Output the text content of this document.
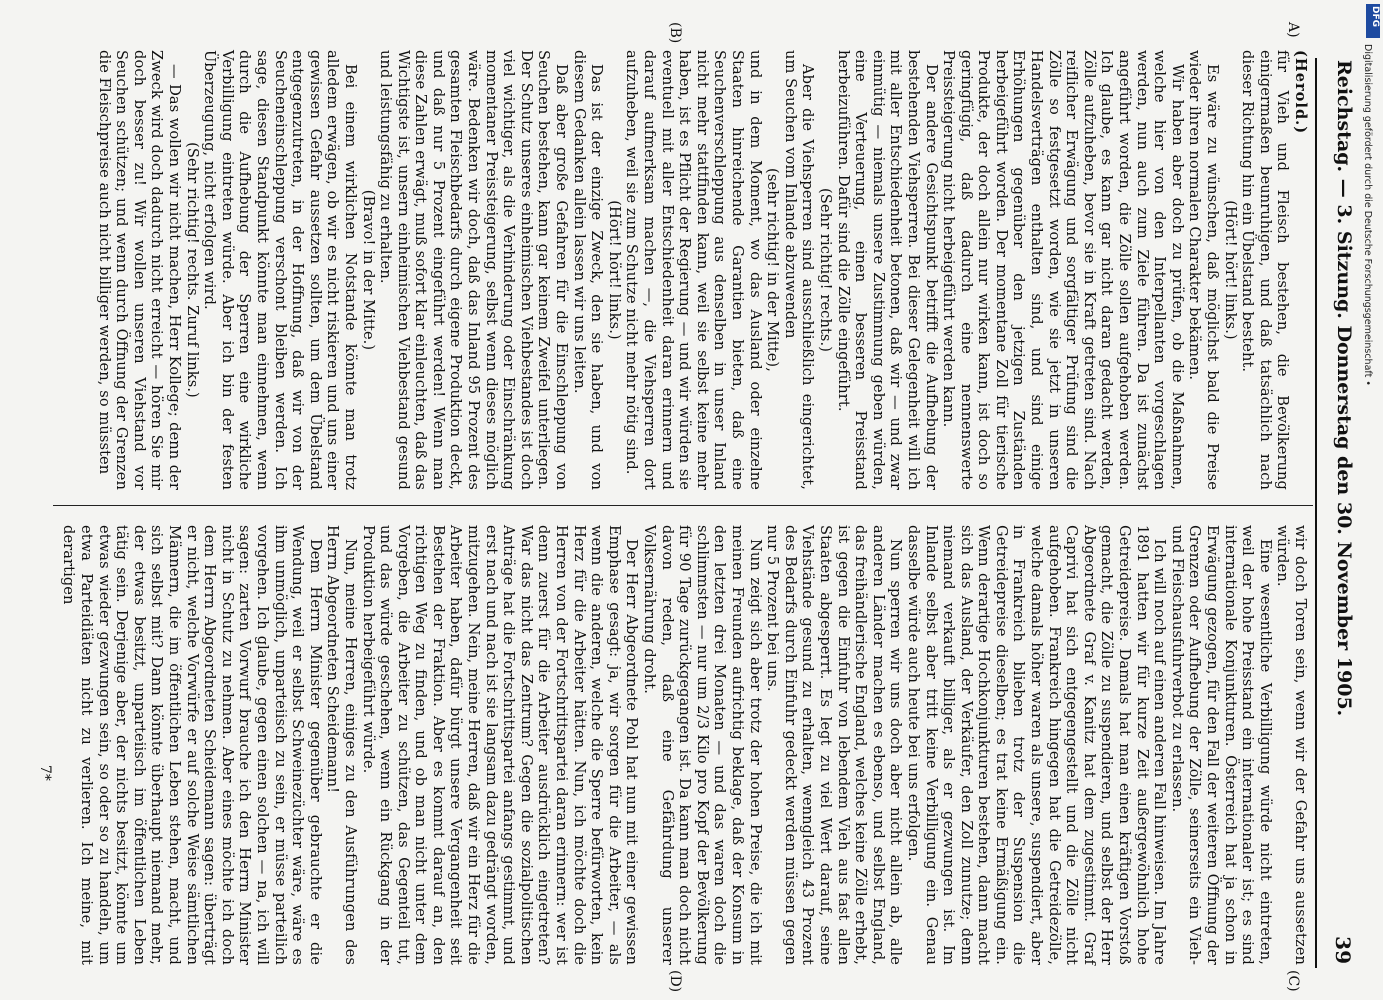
Reichstag. — 3. Sitzung. Donnerstag den 30. November 1905.
39
A)
(B)
(C)
(D)

(Herold.)

für Vieh und Fleisch bestehen, die Bevölkerung einigermaßen beunruhigen, und daß tatsächlich nach dieser Richtung hin ein Übelstand besteht.

(Hört! hört! links.)

Es wäre zu wünschen, daß möglichst bald die Preise wieder ihren normalen Charakter bekämen.

Wir haben aber doch zu prüfen, ob die Maßnahmen, welche hier von den Interpellanten vorgeschlagen werden, nun auch zum Ziele führen. Da ist zunächst angeführt worden, die Zölle sollen aufgehoben werden. Ich glaube, es kann gar nicht daran gedacht werden, Zölle aufzuheben, bevor sie in Kraft getreten sind. Nach reiflicher Erwägung und sorgfältiger Prüfung sind die Zölle so festgesetzt worden, wie sie jetzt in unseren Handelsverträgen enthalten sind, und sind einige Erhöhungen gegenüber den jetzigen Zuständen herbeigeführt worden. Der momentane Zoll für tierische Produkte, der doch allein nur wirken kann, ist doch so geringfügig, daß dadurch eine nennenswerte Preissteigerung nicht herbeigeführt werden kann.

Der andere Gesichtspunkt betrifft die Aufhebung der bestehenden Viehsperren. Bei dieser Gelegenheit will ich mit aller Entschiedenheit betonen, daß wir — und zwar einmütig — niemals unsere Zustimmung geben würden, eine Verteuerung, einen besseren Preisstand herbeizuführen. Dafür sind die Zölle eingeführt.

(Sehr richtig! rechts.)

Aber die Viehsperren sind ausschließlich eingerichtet, um Seuchen vom Inlande abzuwenden

(sehr richtig! in der Mitte),

und in dem Moment, wo das Ausland oder einzelne Staaten hinreichende Garantien bieten, daß eine Seuchenverschleppung aus denselben in unser Inland nicht mehr stattfinden kann, weil sie selbst keine mehr haben, ist es Pflicht der Regierung — und wir würden sie eventuell mit aller Entschiedenheit daran erinnern und darauf aufmerksam machen —, die Viehsperren dort aufzuheben, weil sie zum Schutze nicht mehr nötig sind.

(Hört! hört! links.)

Das ist der einzige Zweck, den sie haben, und von diesem Gedanken allein lassen wir uns leiten.

Daß aber große Gefahren für die Einschleppung von Seuchen bestehen, kann gar keinem Zweifel unterliegen. Der Schutz unseres einheimischen Viehbestandes ist doch viel wichtiger, als die Verhinderung oder Einschränkung momentaner Preissteigerung, selbst wenn dieses möglich wäre. Bedenken wir doch, daß das Inland 95 Prozent des gesamten Fleischbedarfs durch eigene Produktion deckt, und daß nur 5 Prozent eingeführt werden! Wenn man diese Zahlen erwägt, muß sofort klar einleuchten, daß das Wichtigste ist, unsern einheimischen Viehbestand gesund und leistungsfähig zu erhalten.

(Bravo! in der Mitte.)

Bei einem wirklichen Notstande könnte man trotz alledem erwägen, ob wir es nicht riskieren und uns einer gewissen Gefahr aussetzen sollten, um dem Übelstand entgegenzutreten, in der Hoffnung, daß wir von der Seucheneinschleppung verschont bleiben werden. Ich sage, diesen Standpunkt könnte man einnehmen, wenn durch die Aufhebung der Sperren eine wirkliche Verbilligung eintreten würde. Aber ich bin der festen Überzeugung, nicht erfolgen wird.

(Sehr richtig! rechts. Zuruf links.)

— Das wollen wir nicht machen, Herr Kollege; denn der Zweck wird doch dadurch nicht erreicht — hören Sie mir doch besser zu! Wir wollen unseren Viehstand vor Seuchen schützen; und wenn durch Öffnung der Grenzen die Fleischpreise auch nicht billiger werden, so müssten

wir doch Toren sein, wenn wir der Gefahr uns aussetzen würden.

Eine wesentliche Verbilligung würde nicht eintreten, weil der hohe Preisstand ein internationaler ist; es sind internationale Konjunkturen. Österreich hat ja schon in Erwägung gezogen, für den Fall der weiteren Öffnung der Grenzen oder Aufhebung der Zölle, seinerseits ein Vieh- und Fleischausfuhrverbot zu erlassen.

Ich will noch auf einen anderen Fall hinweisen. Im Jahre 1891 hatten wir für kurze Zeit außergewöhnlich hohe Getreidepreise. Damals hat man einen kräftigen Vorstoß gemacht, die Zölle zu suspendieren, und selbst der Herr Abgeordnete Graf v. Kanitz hat dem zugestimmt. Graf Caprivi hat sich entgegengestellt und die Zölle nicht aufgehoben. Frankreich hingegen hat die Getreidezölle, welche damals höher waren als unsere, suspendiert, aber in Frankreich blieben trotz der Suspension die Getreidepreise dieselben; es trat keine Ermäßigung ein. Wenn derartige Hochkonjunkturen bestehen, dann macht sich das Ausland, der Verkäufer, den Zoll zunutze; denn niemand verkauft billiger, als er gezwungen ist. Im Inlande selbst aber tritt keine Verbilligung ein. Genau dasselbe würde auch heute bei uns erfolgen.

Nun sperren wir uns doch aber nicht allein ab, alle anderen Länder machen es ebenso, und selbst England, das freihändlerische England, welches keine Zölle erhebt, ist gegen die Einfuhr von lebendem Vieh aus fast allen Staaten abgesperrt. Es legt zu viel Wert darauf, seine Viehstände gesund zu erhalten, wenngleich 43 Prozent des Bedarfs durch Einfuhr gedeckt werden müssen gegen nur 5 Prozent bei uns.

Nun zeigt sich aber trotz der hohen Preise, die ich mit meinen Freunden aufrichtig beklage, daß der Konsum in den letzten drei Monaten — und das waren doch die schlimmsten — nur um 2/3 Kilo pro Kopf der Bevölkerung für 90 Tage zurückgegangen ist. Da kann man doch nicht davon reden, daß eine Gefährdung unserer Volksernährung droht.

Der Herr Abgeordnete Pohl hat nun mit einer gewissen Emphase gesagt: ja, wir sorgen für die Arbeiter, — als wenn die anderen, welche die Sperre befürworten, kein Herz für die Arbeiter hätten. Nun, ich möchte doch die Herren von der Fortschrittspartei daran erinnern: wer ist denn zuerst für die Arbeiter ausdrücklich eingetreten? War das nicht das Zentrum? Gegen die sozialpolitischen Anträge hat die Fortschrittspartei anfangs gestimmt, und erst nach und nach ist sie langsam dazu gedrängt worden, mitzugehen. Nein, meine Herren, daß wir ein Herz für die Arbeiter haben, dafür bürgt unsere Vergangenheit seit Bestehen der Fraktion. Aber es kommt darauf an, den richtigen Weg zu finden, und ob man nicht unter dem Vorgeben, die Arbeiter zu schützen, das Gegenteil tut, und das würde geschehen, wenn ein Rückgang in der Produktion herbeigeführt würde.

Nun, meine Herren, einiges zu den Ausführungen des Herrn Abgeordneten Scheidemann!

Dem Herrn Minister gegenüber gebrauchte er die Wendung, weil er selbst Schweinezüchter wäre, wäre es ihm unmöglich, unparteiisch zu sein, er müsse parteilich vorgehen. Ich glaube, gegen einen solchen — na, ich will sagen: zarten Vorwurf brauche ich den Herrn Minister nicht in Schutz zu nehmen. Aber eines möchte ich doch dem Herrn Abgeordneten Scheidemann sagen: überträgt er nicht, welche Vorwürfe er auf solche Weise sämtlichen Männern, die im öffentlichen Leben stehen, macht, und sich selbst mit? Dann könnte überhaupt niemand mehr, der etwas besitzt, unparteiisch im öffentlichen Leben tätig sein. Derjenige aber, der nichts besitzt, könnte um etwas wieder gezwungen sein, so oder so zu handeln, um etwa Parteidiäten nicht zu verlieren. Ich meine, mit derartigen

7*
DFG
Digitalisierung gefördert durch die Deutsche Forschungsgemeinschaft •
